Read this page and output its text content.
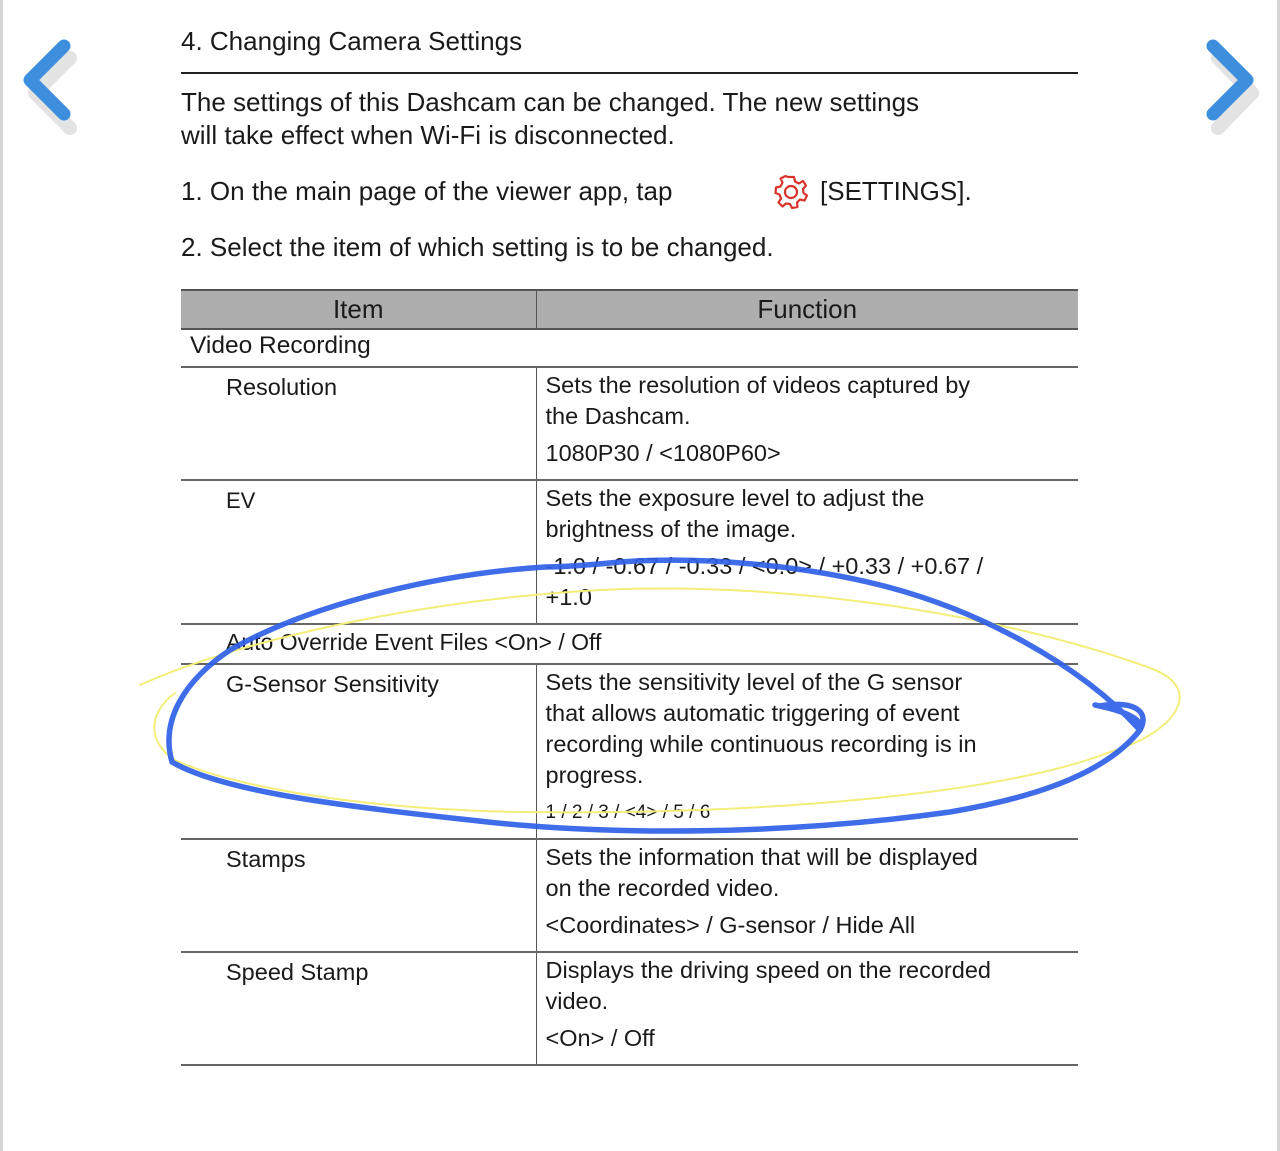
4. Changing Camera Settings
The settings of this Dashcam can be changed. The new settings
will take effect when Wi-Fi is disconnected.
1. On the main page of the viewer app, tap	[SETTINGS].
2. Select the item of which setting is to be changed.
Item	Function
Video Recording	
Resolution	Sets the resolution of videos captured by
the Dashcam.
1080P30 / <1080P60>

EV	Sets the exposure level to adjust the
brightness of the image.
-1.0 / -0.67 / -0.33 / <0.0> / +0.33 / +0.67 /
+1.0

Auto Override Event Files <On> / Off	
G-Sensor Sensitivity	Sets the sensitivity level of the G sensor
that allows automatic triggering of event
recording while continuous recording is in
progress.
1 / 2 / 3 / <4> / 5 / 6

Stamps	Sets the information that will be displayed
on the recorded video.
<Coordinates> / G-sensor / Hide All

Speed Stamp	Displays the driving speed on the recorded
video.
<On> / Off
